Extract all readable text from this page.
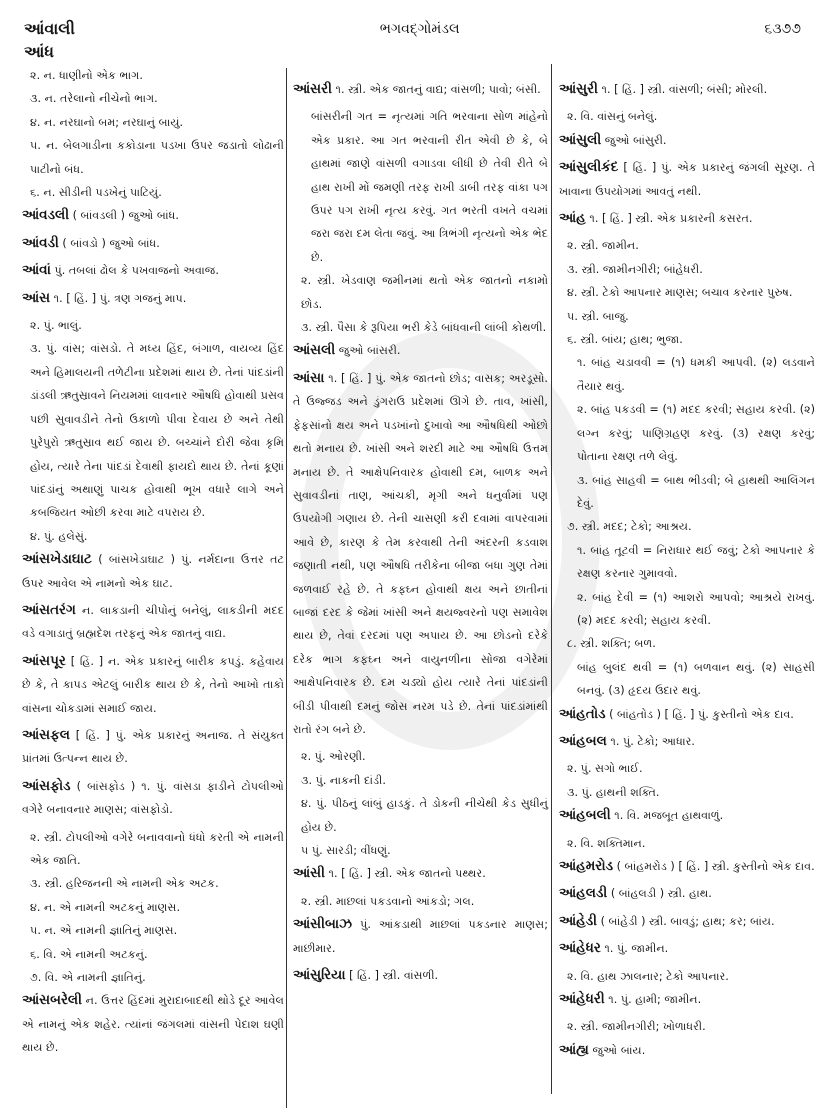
આંવાલી	ભગવદ્ગોમંડલ	૬૩૭૭
આંધ
૨. ન. ધાણીનો એક ભાગ.
૩. ન. તરેલાનો નીચેનો ભાગ.
૪. ન. નરઘાનો બમ; નરઘાનું બાયું.
૫. ન. બેલગાડીના કકોડાના પડખા ઉપર જડાતો લોઢાની પાટીનો બંધ.
૬. ન. સીડીની પડખેનું પાટિયું.
આંવડલી ( બાંવડલી ) જુઓ બાંધ.
આંવડી ( બાંવડો ) જુઓ બાંધ.
આંવાં પું. તબલાં ઢોલ કે પખવાજનો અવાજ.
આંસ ૧. [ હિં. ] પું. ત્રણ ગજનું માપ.
૨. પું. ભાલું.
૩. પું. વાંસ; વાંસડો. તે મધ્ય હિંદ, બંગાળ, વાયવ્ય હિંદ અને હિમાલયની તળેટીના પ્રદેશમાં થાય છે. તેનાં પાંદડાંની ડાંડલી ઋતુસ્રાવને નિયમમાં લાવનાર ઔષધિ હોવાથી પ્રસવ પછી સુવાવડીને તેનો ઉકાળો પીવા દેવાય છે અને તેથી પુરેપુરો ઋતુસ્રાવ થઈ જાય છે. બચ્ચાંને દોરી જેવા કૃમિ હોય, ત્યારે તેના પાંદડાં દેવાથી ફાયદો થાય છે. તેનાં કૂણાં પાંદડાંનું અથાણું પાચક હોવાથી ભૂખ વધારે લાગે અને કબજિયત ઓછી કરવા માટે વપરાય છે.
૪. પું. હલેસું.
આંસખેડાઘાટ ( બાંસખેડાઘાટ ) પું. નર્મદાના ઉત્તર તટ ઉપર આવેલ એ નામનો એક ઘાટ.
આંસતરંગ ન. લાકડાની ચીપોનું બનેલું, લાકડીની મદદ વડે વગાડાતું બ્રહ્મદેશ તરફનું એક જાતનું વાદ્ય.
આંસપૂર [ હિં. ] ન. એક પ્રકારનું બારીક કપડું. કહેવાય છે કે, તે કાપડ એટલું બારીક થાય છે કે, તેનો આખો તાકો વાંસના ચોકડામાં સમાઈ જાય.
આંસફલ [ હિં. ] પું. એક પ્રકારનું અનાજ. તે સંયુક્ત પ્રાંતમાં ઉત્પન્ન થાય છે.
આંસફોડ ( બાંસફોડ ) ૧. પું. વાંસડા ફાડીને ટોપલીઓ વગેરે બનાવનાર માણસ; વાંસફોડો.
૨. સ્ત્રી. ટોપલીઓ વગેરે બનાવવાનો ધંધો કરતી એ નામની એક જાતિ.
૩. સ્ત્રી. હરિજનની એ નામની એક અટક.
૪. ન. એ નામની અટકનું માણસ.
૫. ન. એ નામની જ્ઞાતિનું માણસ.
૬. વિ. એ નામની અટકનું.
૭. વિ. એ નામની જ્ઞાતિનું.
આંસબરેલી ન. ઉત્તર હિંદમાં મુરાદાબાદથી થોડે દૂર આવેલ એ નામનું એક શહેર. ત્યાંનાં જંગલમાં વાંસની પેદાશ ઘણી થાય છે.
આંસરી ૧. સ્ત્રી. એક જાતનું વાદ્ય; વાંસળી; પાવો; બંસી.
બાંસરીની ગત = નૃત્યમાં ગતિ ભરવાના સોળ માંહેનો એક પ્રકાર. આ ગત ભરવાની રીત એવી છે કે, બે હાથમાં જાણે વાંસળી વગાડવા લીધી છે તેવી રીતે બે હાથ રાખી મોં જમણી તરફ રાખી ડાબી તરફ વાંકા પગ ઉપર પગ રાખી નૃત્ય કરવું. ગત ભરતી વખતે વચમાં જરા જરા દમ લેતા જવું. આ ત્રિભંગી નૃત્યનો એક ભેદ છે.
૨. સ્ત્રી. ખેડવાણ જમીનમાં થતો એક જાતનો નકામો છોડ.
૩. સ્ત્રી. પૈસા કે રૂપિયા ભરી કેડે બાંધવાની લાંબી કોથળી.
આંસલી જુઓ બાંસરી.
આંસા ૧. [ હિં. ] પું. એક જાતનો છોડ; વાસક; અરડૂસો. તે ઉજ્જડ અને ડુંગરાઉ પ્રદેશમાં ઊગે છે. તાવ, ખાંસી, ફેફસાંનો ક્ષય અને પડખાંનો દુખાવો આ ઔષધિથી ઓછો થતો મનાય છે. ખાંસી અને શરદી માટે આ ઔષધિ ઉત્તમ મનાય છે. તે આક્ષેપનિવારક હોવાથી દમ, બાળક અને સુવાવડીનાં તાણ, આંચકી, મૃગી અને ધનુર્વામાં પણ ઉપયોગી ગણાય છે. તેની ચાસણી કરી દવામાં વાપરવામાં આવે છે, કારણ કે તેમ કરવાથી તેની અંદરની કડવાશ જણાતી નથી, પણ ઔષધિ તરીકેના બીજા બધા ગુણ તેમાં જળવાઈ રહે છે. તે કફઘ્ન હોવાથી ક્ષય અને છાતીનાં બાજાં દરદ કે જેમાં ખાંસી અને ક્ષયજ્વરનો પણ સમાવેશ થાય છે, તેવાં દરદમાં પણ અપાય છે. આ છોડનો દરેકે દરેક ભાગ કફઘ્ન અને વાયુનળીના સોજા વગેરેમાં આક્ષેપનિવારક છે. દમ ચડ્યો હોય ત્યારે તેનાં પાંદડાંની બીડી પીવાથી દમનું જોસ નરમ પડે છે. તેનાં પાંદડાંમાંથી રાતો રંગ બને છે.
૨. પું. ઓરણી.
૩. પું. નાકની દાંડી.
૪. પું. પીઠનું લાંબું હાડકું. તે ડોકની નીચેથી કેડ સુધીનું હોય છે.
૫ પું. સારડી; વીંધણું.
આંસી ૧. [ હિં. ] સ્ત્રી. એક જાતનો પથ્થર.
૨. સ્ત્રી. માછલાં પકડવાનો આંકડો; ગલ.
આંસીબાઝ પું. આંકડાથી માછલાં પકડનાર માણસ; માછીમાર.
આંસુરિયા [ હિં. ] સ્ત્રી. વાંસળી.
આંસુરી ૧. [ હિં. ] સ્ત્રી. વાંસળી; બંસી; મોરલી.
૨. વિ. વાંસનું બનેલું.
આંસુલી જુઓ બાંસુરી.
આંસુલીકંદ [ હિં. ] પું. એક પ્રકારનું જંગલી સૂરણ. તે ખાવાના ઉપયોગમાં આવતું નથી.
આંહ ૧. [ હિં. ] સ્ત્રી. એક પ્રકારની કસરત.
૨. સ્ત્રી. જામીન.
૩. સ્ત્રી. જામીનગીરી; બાંહેધરી.
૪. સ્ત્રી. ટેકો આપનાર માણસ; બચાવ કરનાર પુરુષ.
૫. સ્ત્રી. બાજુ.
૬. સ્ત્રી. બાંય; હાથ; ભુજા.
૧. બાંહ ચડાવવી = (૧) ધમકી આપવી. (૨) લડવાને તૈયાર થવું.
૨. બાંહ પકડવી = (૧) મદદ કરવી; સહાય કરવી. (૨) લગ્ન કરવું; પાણિગ્રહણ કરવું. (૩) રક્ષણ કરવું; પોતાના રક્ષણ તળે લેવું.
૩. બાંહ સાહવી = બાથ ભીડવી; બે હાથથી આલિંગન દેવું.
૭. સ્ત્રી. મદદ; ટેકો; આશ્રય.
૧. બાંહ તૂટવી = નિરાધાર થઈ જવું; ટેકો આપનાર કે રક્ષણ કરનાર ગુમાવવો.
૨. બાંહ દેવી = (૧) આશરો આપવો; આશ્રયે રાખવું. (૨) મદદ કરવી; સહાય કરવી.
૮. સ્ત્રી. શક્તિ; બળ.
બાંહ બુલંદ થવી = (૧) બળવાન થવું. (૨) સાહસી બનવું. (૩) હૃદય ઉદાર થવું.
આંહતોડ ( બાંહતોડ ) [ હિં. ] પું. કુસ્તીનો એક દાવ.
આંહબલ ૧. પું. ટેકો; આધાર.
૨. પું. સગો ભાઈ.
૩. પું. હાથની શક્તિ.
આંહબલી ૧. વિ. મજબૂત હાથવાળું.
૨. વિ. શક્તિમાન.
આંહમરોડ ( બાંહમરોડ ) [ હિં. ] સ્ત્રી. કુસ્તીનો એક દાવ.
આંહલડી ( બાંહલડી ) સ્ત્રી. હાથ.
આંહેડી ( બાંહેડી ) સ્ત્રી. બાવડું; હાથ; કર; બાંય.
આંહેધર ૧. પું. જામીન.
૨. વિ. હાથ ઝાલનાર; ટેકો આપનાર.
આંહેધરી ૧. પું. હામી; જામીન.
૨. સ્ત્રી. જામીનગીરી; ખોળાધરી.
આંહ્ય જુઓ બાંય.
